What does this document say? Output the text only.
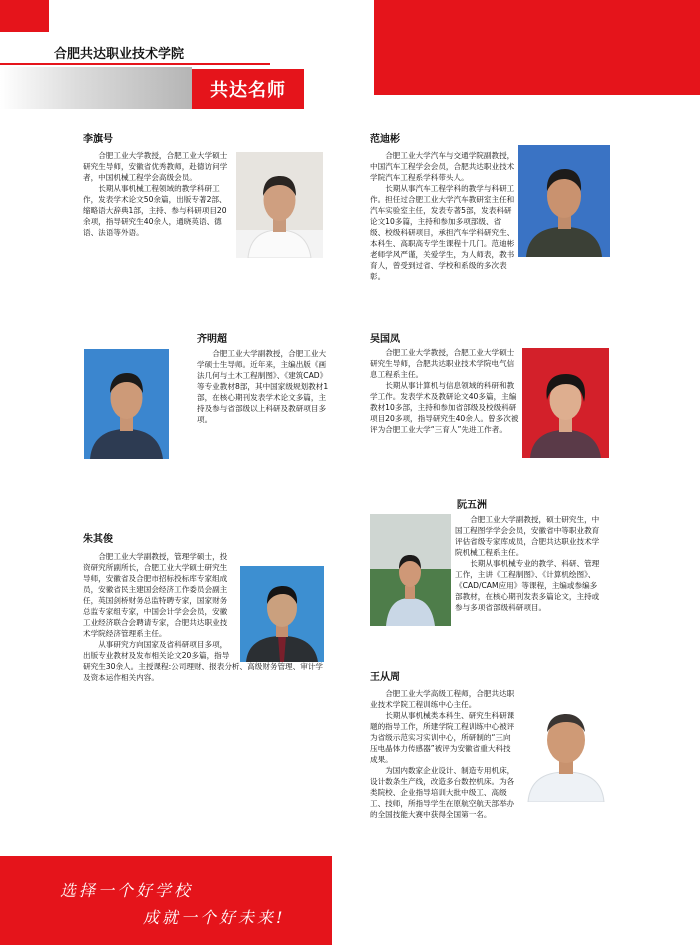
合肥共达职业技术学院
共达名师
李旗号

合肥工业大学教授，合肥工业大学硕士研究生导师，安徽省优秀教师，赴德访问学者，中国机械工程学会高级会员。

长期从事机械工程领域的教学科研工作，发表学术论文50余篇，出版专著2部、缩略语大辞典1部，主持、参与科研项目20余项，指导研究生40余人，通晓英语、德语、法语等外语。

范迪彬

合肥工业大学汽车与交通学院副教授，中国汽车工程学会会员，合肥共达职业技术学院汽车工程系学科带头人。

长期从事汽车工程学科的教学与科研工作。担任过合肥工业大学汽车教研室主任和汽车实验室主任，发表专著5部，发表科研论文10多篇，主持和参加多项部级、省级、校级科研项目，承担汽车学科研究生、本科生、高职高专学生课程十几门。范迪彬老师学风严谨，关爱学生，为人师表，教书育人，曾受到过省、学校和系级的多次表彰。

齐明超

合肥工业大学副教授，合肥工业大学硕士生导师。近年来，主编出版《画法几何与土木工程制图》、《建筑CAD》等专业教材8部，其中国家级规划教材1部，在核心期刊发表学术论文多篇，主持及参与省部级以上科研及教研项目多项。

吴国凤

合肥工业大学教授，合肥工业大学硕士研究生导师，合肥共达职业技术学院电气信息工程系主任。

长期从事计算机与信息领域的科研和教学工作。发表学术及教研论文40多篇，主编教材10多部，主持和参加省部级及校级科研项目20多项，指导研究生40余人。曾多次被评为合肥工业大学“三育人”先进工作者。

阮五洲

合肥工业大学副教授，硕士研究生，中国工程图学学会会员，安徽省中等职业教育评估省级专家库成员，合肥共达职业技术学院机械工程系主任。

长期从事机械专业的教学、科研、管理工作，主讲《工程制图》、《计算机绘图》、《CAD/CAM应用》等课程，主编或参编多部教材，在核心期刊发表多篇论文，主持或参与多项省部级科研项目。

朱其俊

合肥工业大学副教授，管理学硕士，投资研究所副所长，合肥工业大学硕士研究生导师，安徽省及合肥市招标投标库专家组成员，安徽省民主建国会经济工作委员会副主任，英国剑桥财务总监特聘专家，国家财务总监专家组专家，中国会计学会会员，安徽工业经济联合会聘请专家，合肥共达职业技术学院经济管理系主任。

从事研究方向国家及省科研项目多项，出版专业教材及发布相关论文20多篇，指导研究生30余人。主授课程:公司理财、报表分析、高级财务管理、审计学及资本运作相关内容。	王从周

合肥工业大学高级工程师，合肥共达职业技术学院工程训练中心主任。

长期从事机械类本科生、研究生科研课题的指导工作，所建学院工程训练中心被评为省级示范实习实训中心，所研制的“三向压电晶体力传感器”被评为安徽省重大科技成果。

为国内数家企业设计、制造专用机床，设计数条生产线，改造多台数控机床。为各类院校、企业指导培训大批中级工、高级工、技师，所指导学生在原航空航天部举办的全国技能大赛中获得全国第一名。

选择一个好学校
成就一个好未来!
